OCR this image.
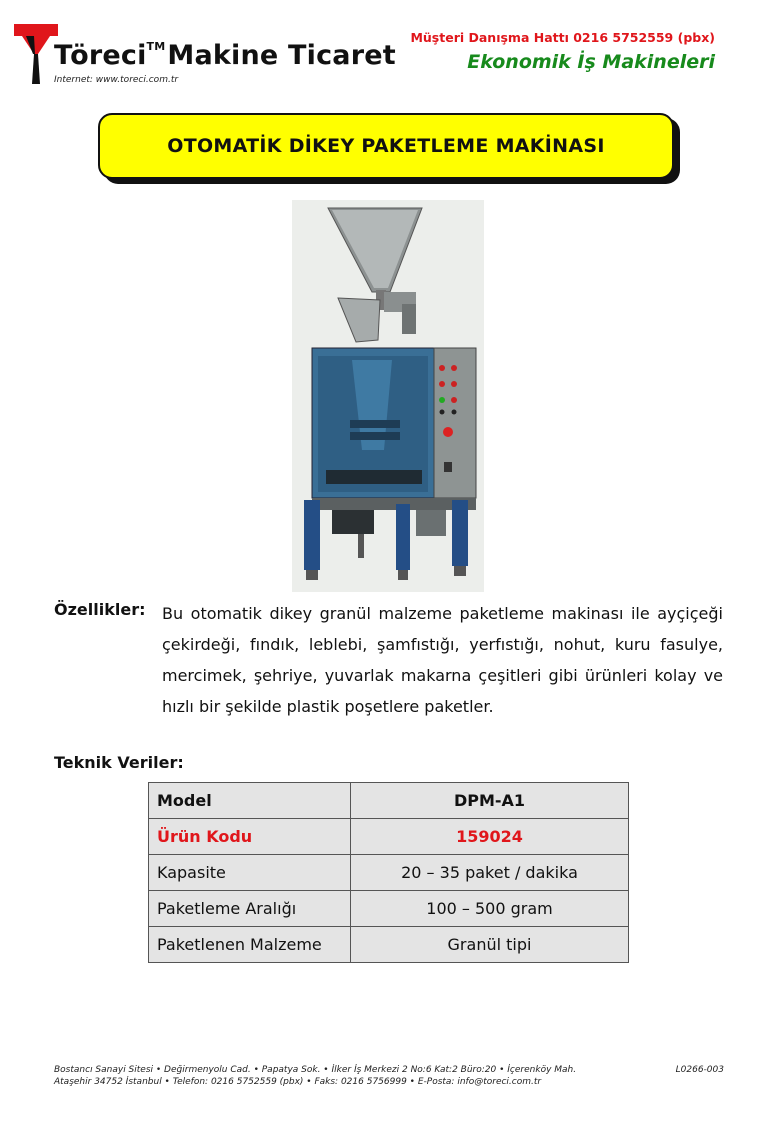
Töreci™Makine Ticaret
Internet: www.toreci.com.tr
Müşteri Danışma Hattı 0216 5752559 (pbx)
Ekonomik İş Makineleri
OTOMATİK DİKEY PAKETLEME MAKİNASI
Özellikler: Bu otomatik dikey granül malzeme paketleme makinası ile ayçiçeği çekirdeği, fındık, leblebi, şamfıstığı, yerfıstığı, nohut, kuru fasulye, mercimek, şehriye, yuvarlak makarna çeşitleri gibi ürünleri kolay ve hızlı bir şekilde plastik poşetlere paketler.
Teknik Veriler:
Model	DPM-A1
Ürün Kodu	159024
Kapasite	20 – 35 paket / dakika
Paketleme Aralığı	100 – 500 gram
Paketlenen Malzeme	Granül tipi
Bostancı Sanayi Sitesi • Değirmenyolu Cad. • Papatya Sok. • İlker İş Merkezi 2 No:6 Kat:2 Büro:20 • İçerenköy Mah.
Ataşehir 34752 İstanbul • Telefon: 0216 5752559 (pbx) • Faks: 0216 5756999 • E-Posta: info@toreci.com.tr
L0266-003
